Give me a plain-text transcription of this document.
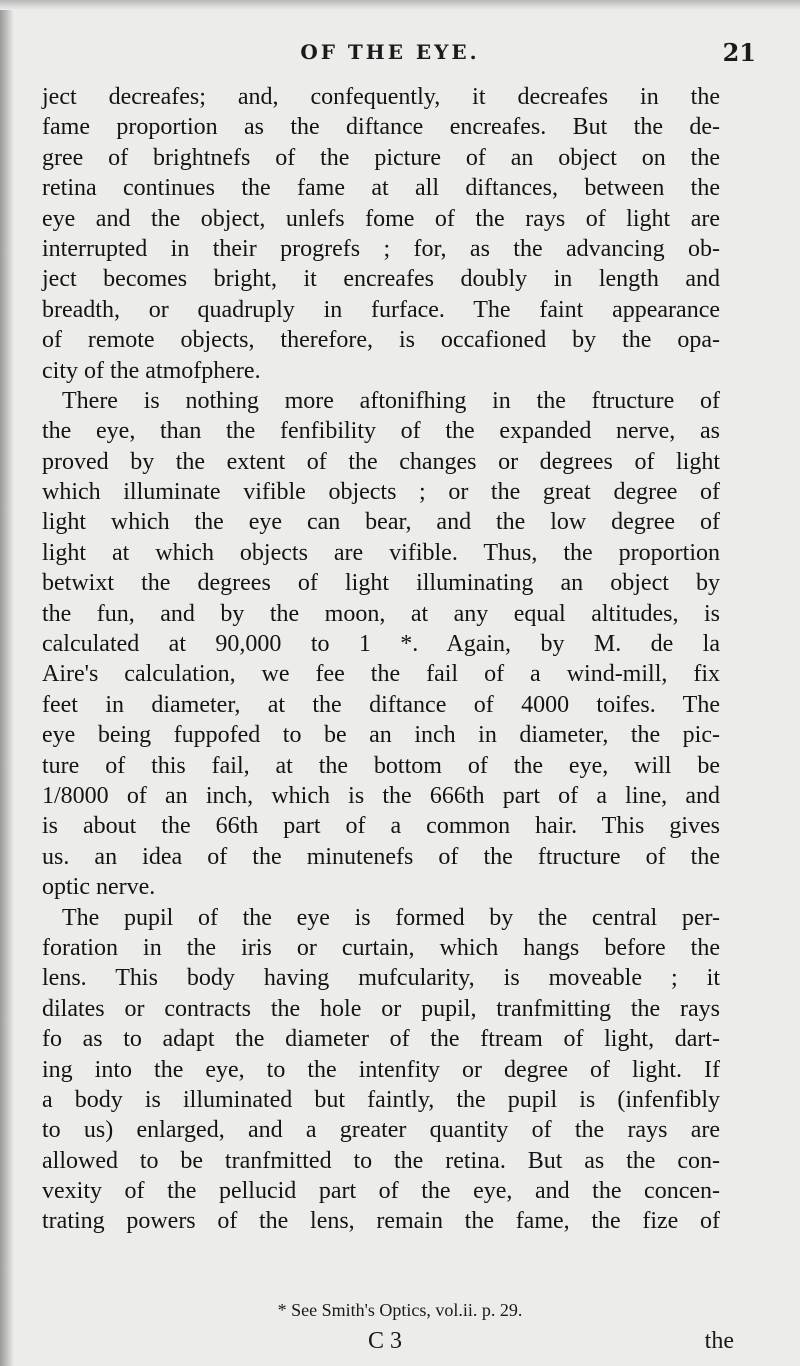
OF THE EYE.	21

ject decreafes; and, confequently, it decreafes in the
fame proportion as the diftance encreafes. But the de-
gree of brightnefs of the picture of an object on the
retina continues the fame at all diftances, between the
eye and the object, unlefs fome of the rays of light are
interrupted in their progrefs ; for, as the advancing ob-
ject becomes bright, it encreafes doubly in length and
breadth, or quadruply in furface. The faint appearance
of remote objects, therefore, is occafioned by the opa-
city of the atmofphere.

There is nothing more aftonifhing in the ftructure of
the eye, than the fenfibility of the expanded nerve, as
proved by the extent of the changes or degrees of light
which illuminate vifible objects ; or the great degree of
light which the eye can bear, and the low degree of
light at which objects are vifible. Thus, the proportion
betwixt the degrees of light illuminating an object by
the fun, and by the moon, at any equal altitudes, is
calculated at 90,000 to 1 *. Again, by M. de la
Aire's calculation, we fee the fail of a wind-mill, fix
feet in diameter, at the diftance of 4000 toifes. The
eye being fuppofed to be an inch in diameter, the pic-
ture of this fail, at the bottom of the eye, will be
1/8000 of an inch, which is the 666th part of a line, and
is about the 66th part of a common hair. This gives
us. an idea of the minutenefs of the ftructure of the
optic nerve.

The pupil of the eye is formed by the central per-
foration in the iris or curtain, which hangs before the
lens. This body having mufcularity, is moveable ; it
dilates or contracts the hole or pupil, tranfmitting the rays
fo as to adapt the diameter of the ftream of light, dart-
ing into the eye, to the intenfity or degree of light. If
a body is illuminated but faintly, the pupil is (infenfibly
to us) enlarged, and a greater quantity of the rays are
allowed to be tranfmitted to the retina. But as the con-
vexity of the pellucid part of the eye, and the concen-
trating powers of the lens, remain the fame, the fize of

* See Smith's Optics, vol.ii. p. 29.
C 3	the
